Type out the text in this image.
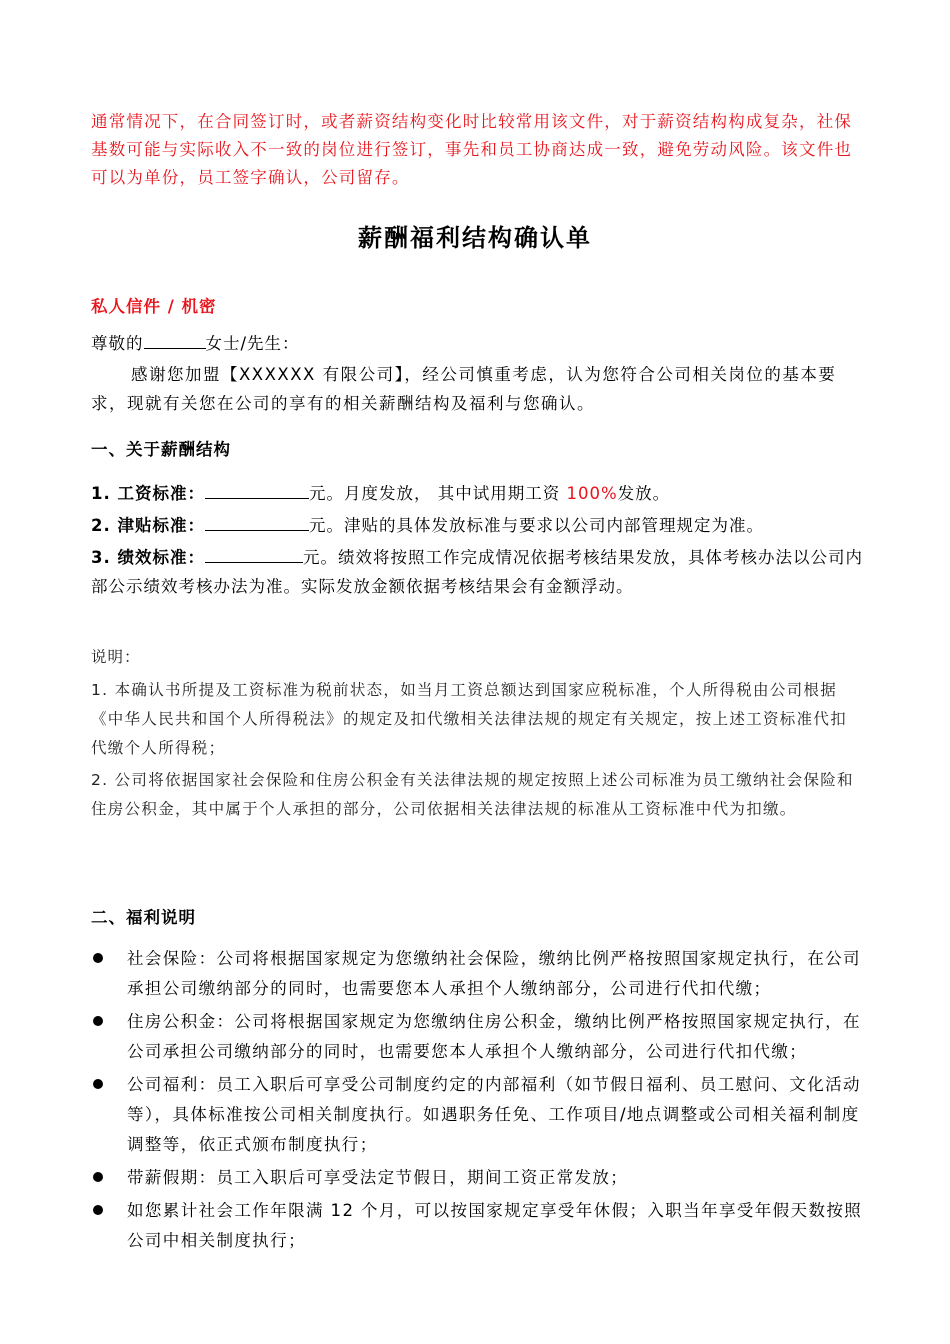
通常情况下，在合同签订时，或者薪资结构变化时比较常用该文件，对于薪资结构构成复杂，社保基数可能与实际收入不一致的岗位进行签订，事先和员工协商达成一致，避免劳动风险。该文件也可以为单份，员工签字确认，公司留存。
薪酬福利结构确认单
私人信件 / 机密
尊敬的	女士/先生：
感谢您加盟【XXXXXX 有限公司】，经公司慎重考虑，认为您符合公司相关岗位的基本要求，现就有关您在公司的享有的相关薪酬结构及福利与您确认。
一、关于薪酬结构
1. 工资标准：	元。月度发放， 其中试用期工资 100%发放。
2. 津贴标准：	元。津贴的具体发放标准与要求以公司内部管理规定为准。
3. 绩效标准：	元。绩效将按照工作完成情况依据考核结果发放，具体考核办法以公司内部公示绩效考核办法为准。实际发放金额依据考核结果会有金额浮动。
说明：
1. 本确认书所提及工资标准为税前状态，如当月工资总额达到国家应税标准，个人所得税由公司根据《中华人民共和国个人所得税法》的规定及扣代缴相关法律法规的规定有关规定，按上述工资标准代扣代缴个人所得税；
2. 公司将依据国家社会保险和住房公积金有关法律法规的规定按照上述公司标准为员工缴纳社会保险和住房公积金，其中属于个人承担的部分，公司依据相关法律法规的标准从工资标准中代为扣缴。
二、福利说明
社会保险：公司将根据国家规定为您缴纳社会保险，缴纳比例严格按照国家规定执行，在公司承担公司缴纳部分的同时，也需要您本人承担个人缴纳部分，公司进行代扣代缴；
住房公积金：公司将根据国家规定为您缴纳住房公积金，缴纳比例严格按照国家规定执行，在公司承担公司缴纳部分的同时，也需要您本人承担个人缴纳部分，公司进行代扣代缴；
公司福利：员工入职后可享受公司制度约定的内部福利（如节假日福利、员工慰问、文化活动等），具体标准按公司相关制度执行。如遇职务任免、工作项目/地点调整或公司相关福利制度调整等，依正式颁布制度执行；
带薪假期：员工入职后可享受法定节假日，期间工资正常发放；
如您累计社会工作年限满 12 个月，可以按国家规定享受年休假；入职当年享受年假天数按照公司中相关制度执行；
